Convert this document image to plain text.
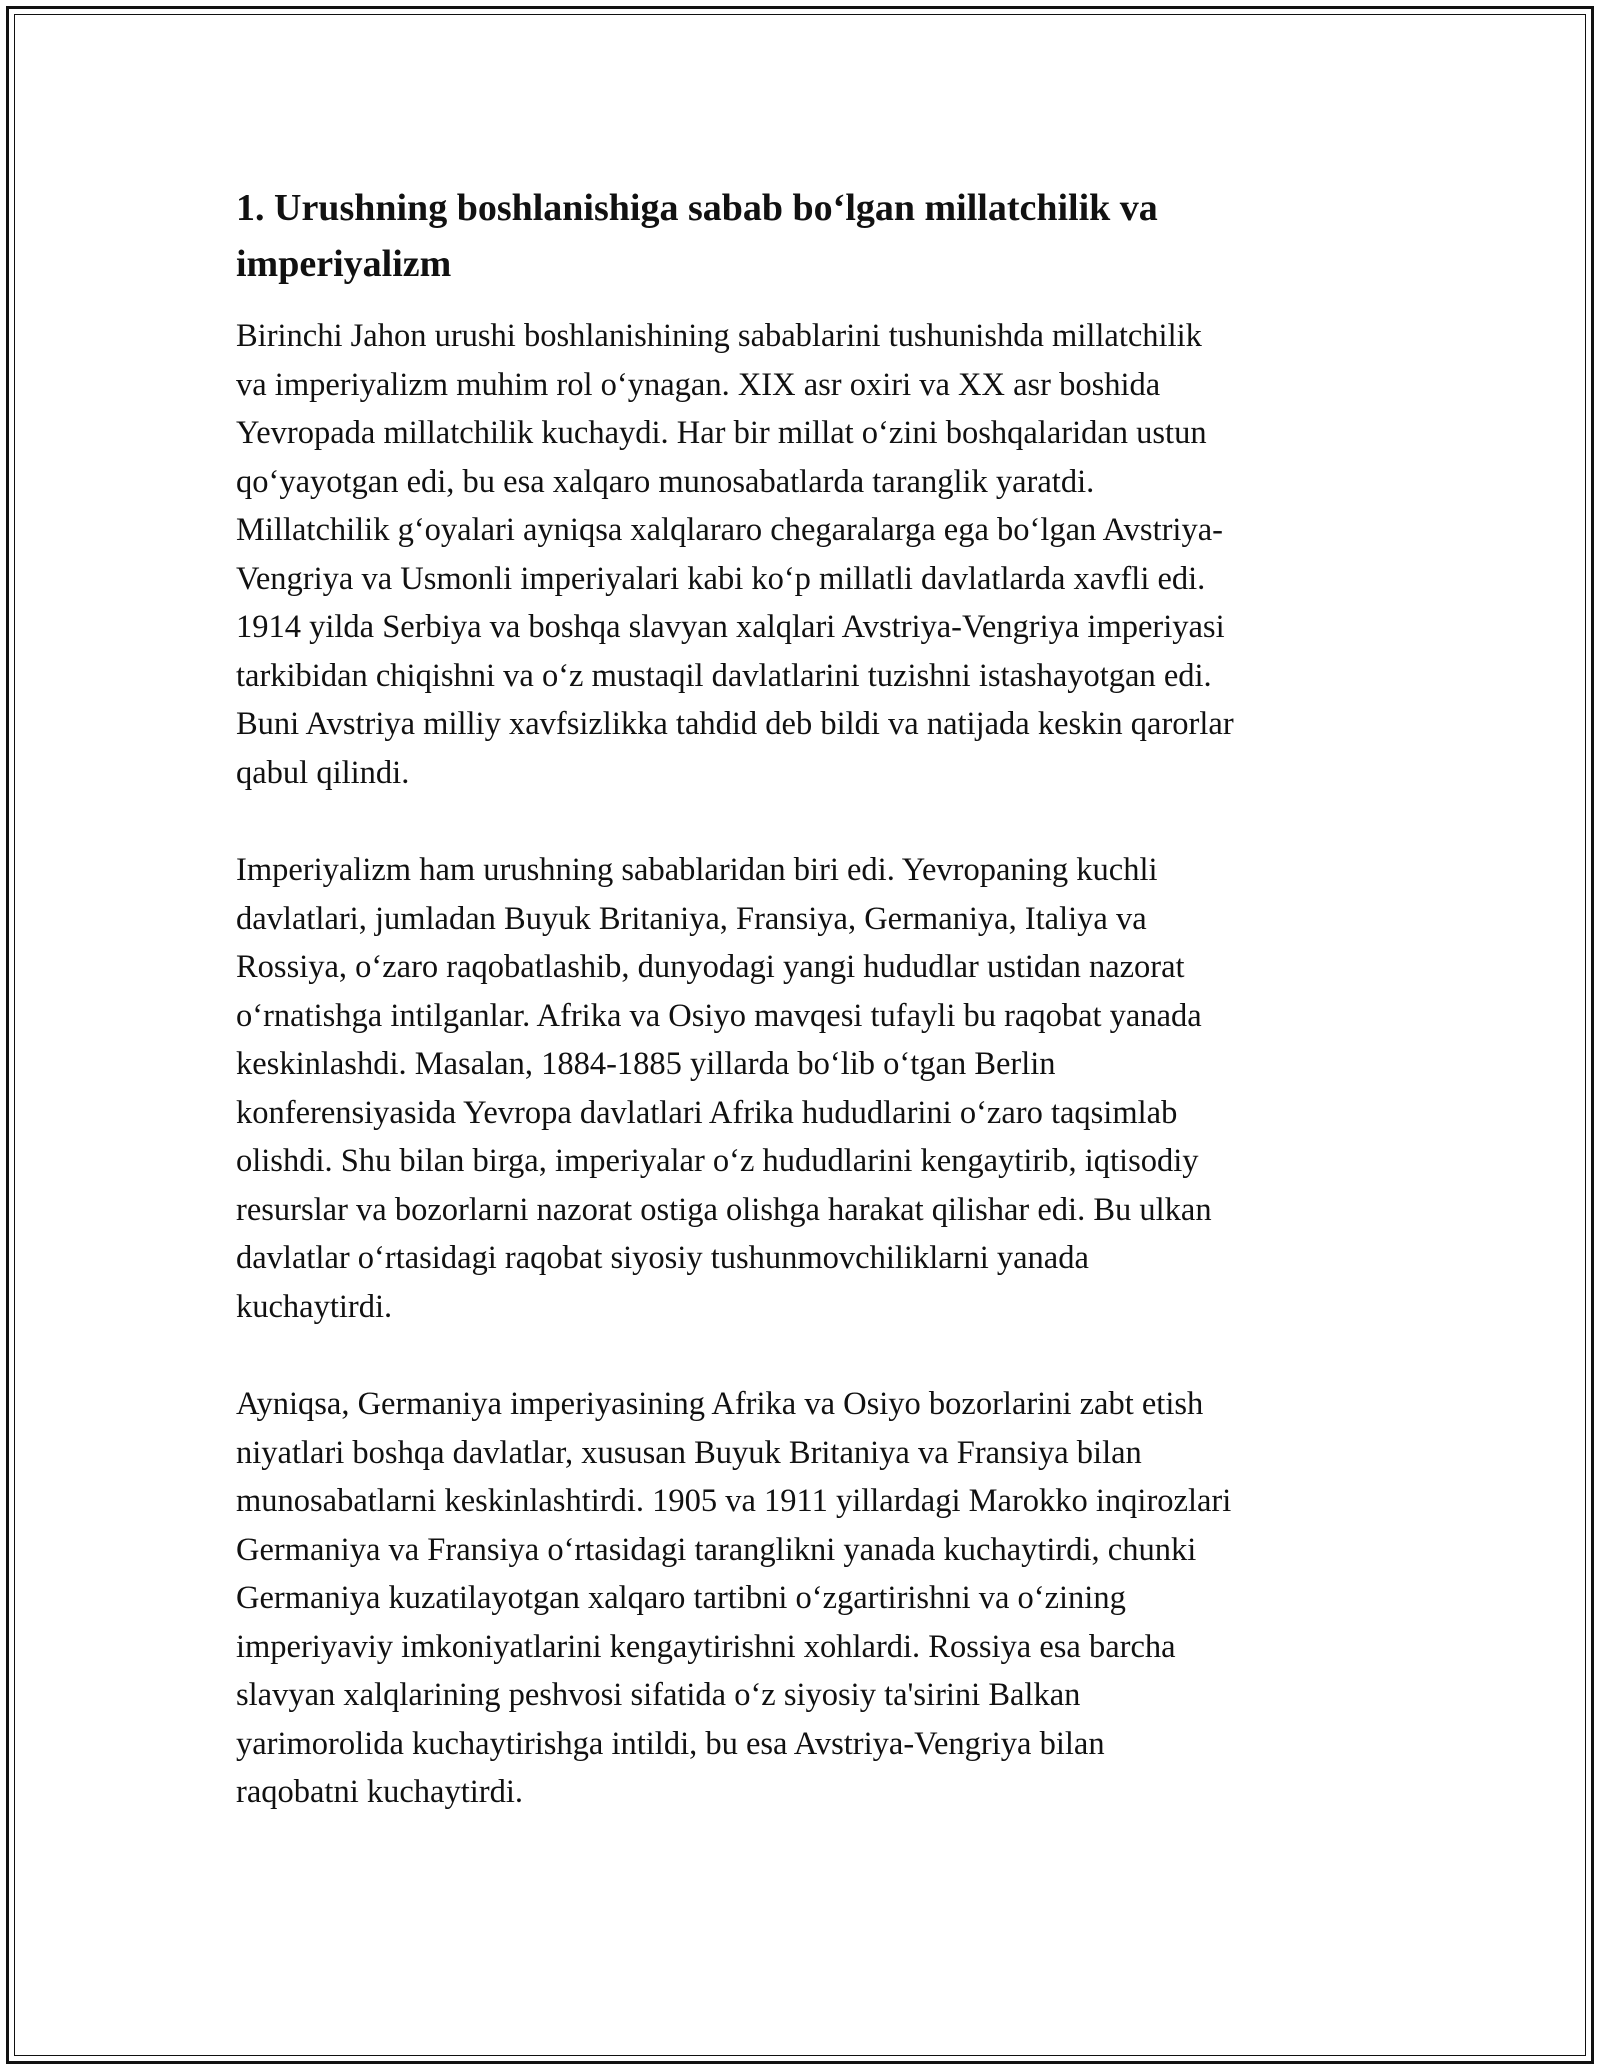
1. Urushning boshlanishiga sabab bo‘lgan millatchilik va
imperiyalizm
Birinchi Jahon urushi boshlanishining sabablarini tushunishda millatchilik
va imperiyalizm muhim rol o‘ynagan. XIX asr oxiri va XX asr boshida
Yevropada millatchilik kuchaydi. Har bir millat o‘zini boshqalaridan ustun
qo‘yayotgan edi, bu esa xalqaro munosabatlarda taranglik yaratdi.
Millatchilik g‘oyalari ayniqsa xalqlararo chegaralarga ega bo‘lgan Avstriya-
Vengriya va Usmonli imperiyalari kabi ko‘p millatli davlatlarda xavfli edi.
1914 yilda Serbiya va boshqa slavyan xalqlari Avstriya-Vengriya imperiyasi
tarkibidan chiqishni va o‘z mustaqil davlatlarini tuzishni istashayotgan edi.
Buni Avstriya milliy xavfsizlikka tahdid deb bildi va natijada keskin qarorlar
qabul qilindi.
Imperiyalizm ham urushning sabablaridan biri edi. Yevropaning kuchli
davlatlari, jumladan Buyuk Britaniya, Fransiya, Germaniya, Italiya va
Rossiya, o‘zaro raqobatlashib, dunyodagi yangi hududlar ustidan nazorat
o‘rnatishga intilganlar. Afrika va Osiyo mavqesi tufayli bu raqobat yanada
keskinlashdi. Masalan, 1884-1885 yillarda bo‘lib o‘tgan Berlin
konferensiyasida Yevropa davlatlari Afrika hududlarini o‘zaro taqsimlab
olishdi. Shu bilan birga, imperiyalar o‘z hududlarini kengaytirib, iqtisodiy
resurslar va bozorlarni nazorat ostiga olishga harakat qilishar edi. Bu ulkan
davlatlar o‘rtasidagi raqobat siyosiy tushunmovchiliklarni yanada
kuchaytirdi.
Ayniqsa, Germaniya imperiyasining Afrika va Osiyo bozorlarini zabt etish
niyatlari boshqa davlatlar, xususan Buyuk Britaniya va Fransiya bilan
munosabatlarni keskinlashtirdi. 1905 va 1911 yillardagi Marokko inqirozlari
Germaniya va Fransiya o‘rtasidagi taranglikni yanada kuchaytirdi, chunki
Germaniya kuzatilayotgan xalqaro tartibni o‘zgartirishni va o‘zining
imperiyaviy imkoniyatlarini kengaytirishni xohlardi. Rossiya esa barcha
slavyan xalqlarining peshvosi sifatida o‘z siyosiy ta'sirini Balkan
yarimorolida kuchaytirishga intildi, bu esa Avstriya-Vengriya bilan
raqobatni kuchaytirdi.
